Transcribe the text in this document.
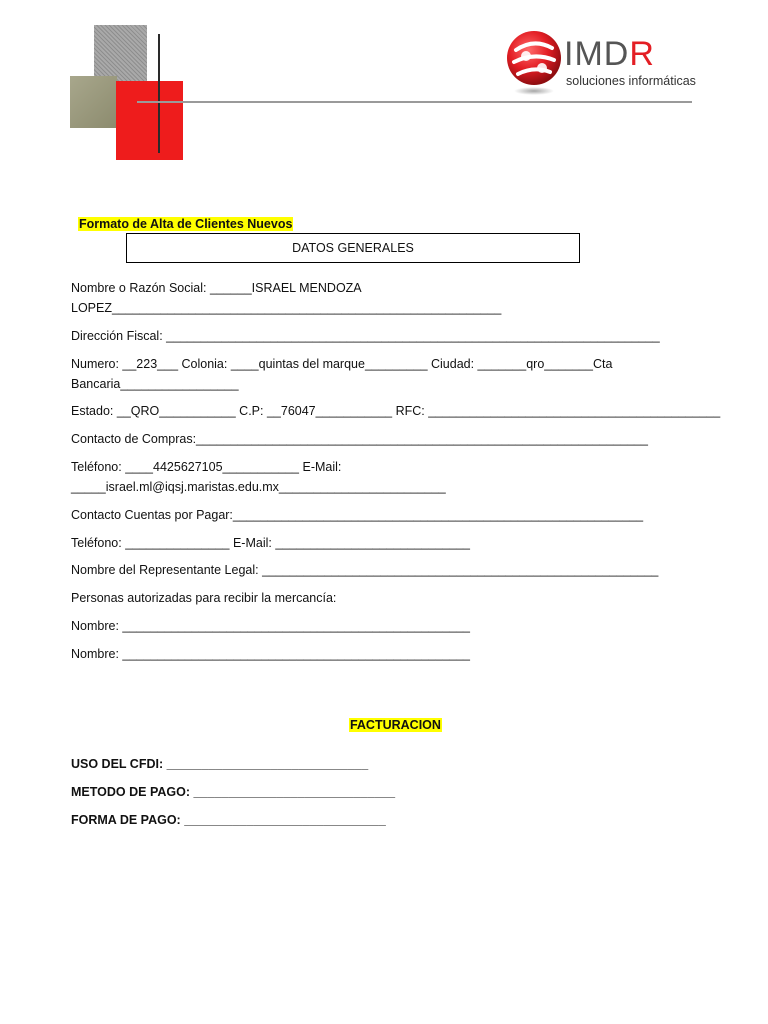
IMDR
soluciones informáticas

Formato de Alta de Clientes Nuevos

DATOS GENERALES
Nombre o Razón Social: ______ISRAEL MENDOZA
LOPEZ________________________________________________________
Dirección Fiscal: _______________________________________________________________________
Numero: __223___ Colonia: ____quintas del marque_________ Ciudad: _______qro_______Cta
Bancaria_________________
Estado: __QRO___________ C.P: __76047___________ RFC: __________________________________________
Contacto de Compras:_________________________________________________________________
Teléfono: ____4425627105___________ E-Mail:
_____israel.ml@iqsj.maristas.edu.mx________________________
Contacto Cuentas por Pagar:___________________________________________________________
Teléfono: _______________ E-Mail: ____________________________
Nombre del Representante Legal: _________________________________________________________
Personas autorizadas para recibir la mercancía:
Nombre: __________________________________________________
Nombre: __________________________________________________

FACTURACION

USO DEL CFDI: _____________________________
METODO DE PAGO: _____________________________
FORMA DE PAGO: _____________________________
